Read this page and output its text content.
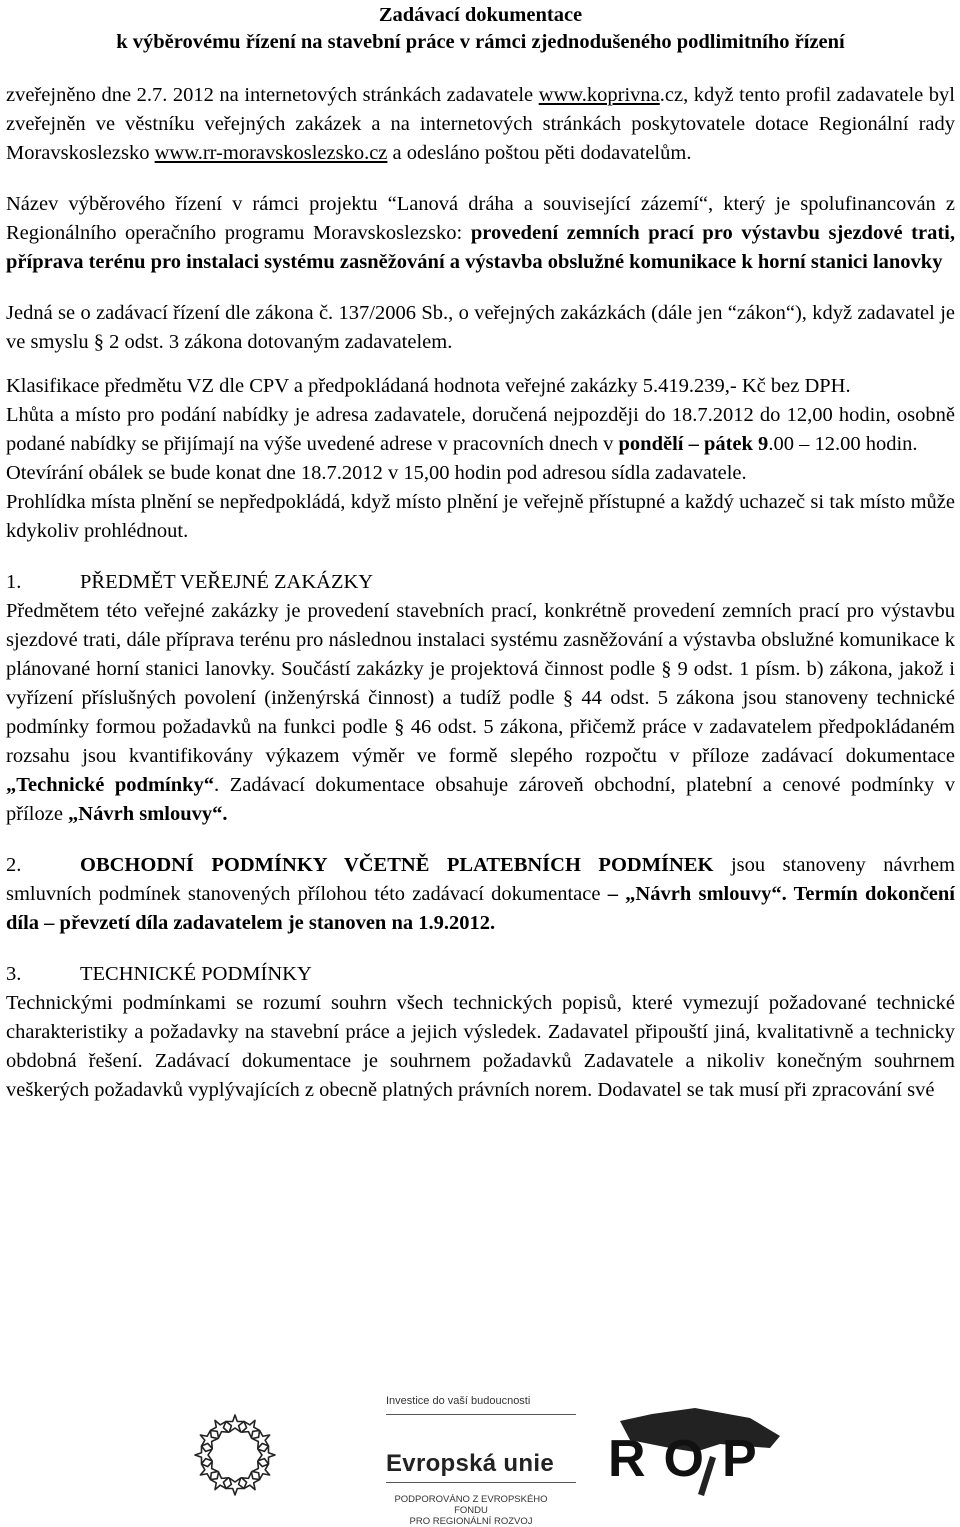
Zadávací dokumentace

k výběrovému řízení na stavební práce v rámci zjednodušeného podlimitního řízení

zveřejněno dne 2.7. 2012 na internetových stránkách zadavatele www.koprivna.cz, když tento profil zadavatele byl zveřejněn ve věstníku veřejných zakázek a na internetových stránkách poskytovatele dotace Regionální rady Moravskoslezsko www.rr-moravskoslezsko.cz a odesláno poštou pěti dodavatelům.

Název výběrového řízení v rámci projektu “Lanová dráha a související zázemí“, který je spolufinancován z Regionálního operačního programu Moravskoslezsko: provedení zemních prací pro výstavbu sjezdové trati, příprava terénu pro instalaci systému zasněžování a výstavba obslužné komunikace k horní stanici lanovky

Jedná se o zadávací řízení dle zákona č. 137/2006 Sb., o veřejných zakázkách (dále jen “zákon“), když zadavatel je ve smyslu § 2 odst. 3 zákona dotovaným zadavatelem.

Klasifikace předmětu VZ dle CPV a předpokládaná hodnota veřejné zakázky 5.419.239,- Kč bez DPH.

Lhůta a místo pro podání nabídky je adresa zadavatele, doručená nejpozději do 18.7.2012 do 12,00 hodin, osobně podané nabídky se přijímají na výše uvedené adrese v pracovních dnech v pondělí – pátek 9.00 – 12.00 hodin.

Otevírání obálek se bude konat dne 18.7.2012 v 15,00 hodin pod adresou sídla zadavatele.

Prohlídka místa plnění se nepředpokládá, když místo plnění je veřejně přístupné a každý uchazeč si tak místo může kdykoliv prohlédnout.

1.	PŘEDMĚT VEŘEJNÉ ZAKÁZKY

Předmětem této veřejné zakázky je provedení stavebních prací, konkrétně provedení zemních prací pro výstavbu sjezdové trati, dále příprava terénu pro následnou instalaci systému zasněžování a výstavba obslužné komunikace k plánované horní stanici lanovky. Součástí zakázky je projektová činnost podle § 9 odst. 1 písm. b) zákona, jakož i vyřízení příslušných povolení (inženýrská činnost) a tudíž podle § 44 odst. 5 zákona jsou stanoveny technické podmínky formou požadavků na funkci podle § 46 odst. 5 zákona, přičemž práce v zadavatelem předpokládaném rozsahu jsou kvantifikovány výkazem výměr ve formě slepého rozpočtu v příloze zadávací dokumentace „Technické podmínky“. Zadávací dokumentace obsahuje zároveň obchodní, platební a cenové podmínky v příloze „Návrh smlouvy“.

2.	OBCHODNÍ PODMÍNKY VČETNĚ PLATEBNÍCH PODMÍNEK jsou stanoveny návrhem smluvních podmínek stanovených přílohou této zadávací dokumentace – „Návrh smlouvy“. Termín dokončení díla – převzetí díla zadavatelem je stanoven na 1.9.2012.

3.	TECHNICKÉ PODMÍNKY

Technickými podmínkami se rozumí souhrn všech technických popisů, které vymezují požadované technické charakteristiky a požadavky na stavební práce a jejich výsledek. Zadavatel připouští jiná, kvalitativně a technicky obdobná řešení. Zadávací dokumentace je souhrnem požadavků Zadavatele a nikoliv konečným souhrnem veškerých požadavků vyplývajících z obecně platných právních norem. Dodavatel se tak musí při zpracování své

Investice do vaší budoucnosti
Evropská unie
PODPOROVÁNO Z EVROPSKÉHO FONDU
PRO REGIONÁLNÍ ROZVOJ
ROP
